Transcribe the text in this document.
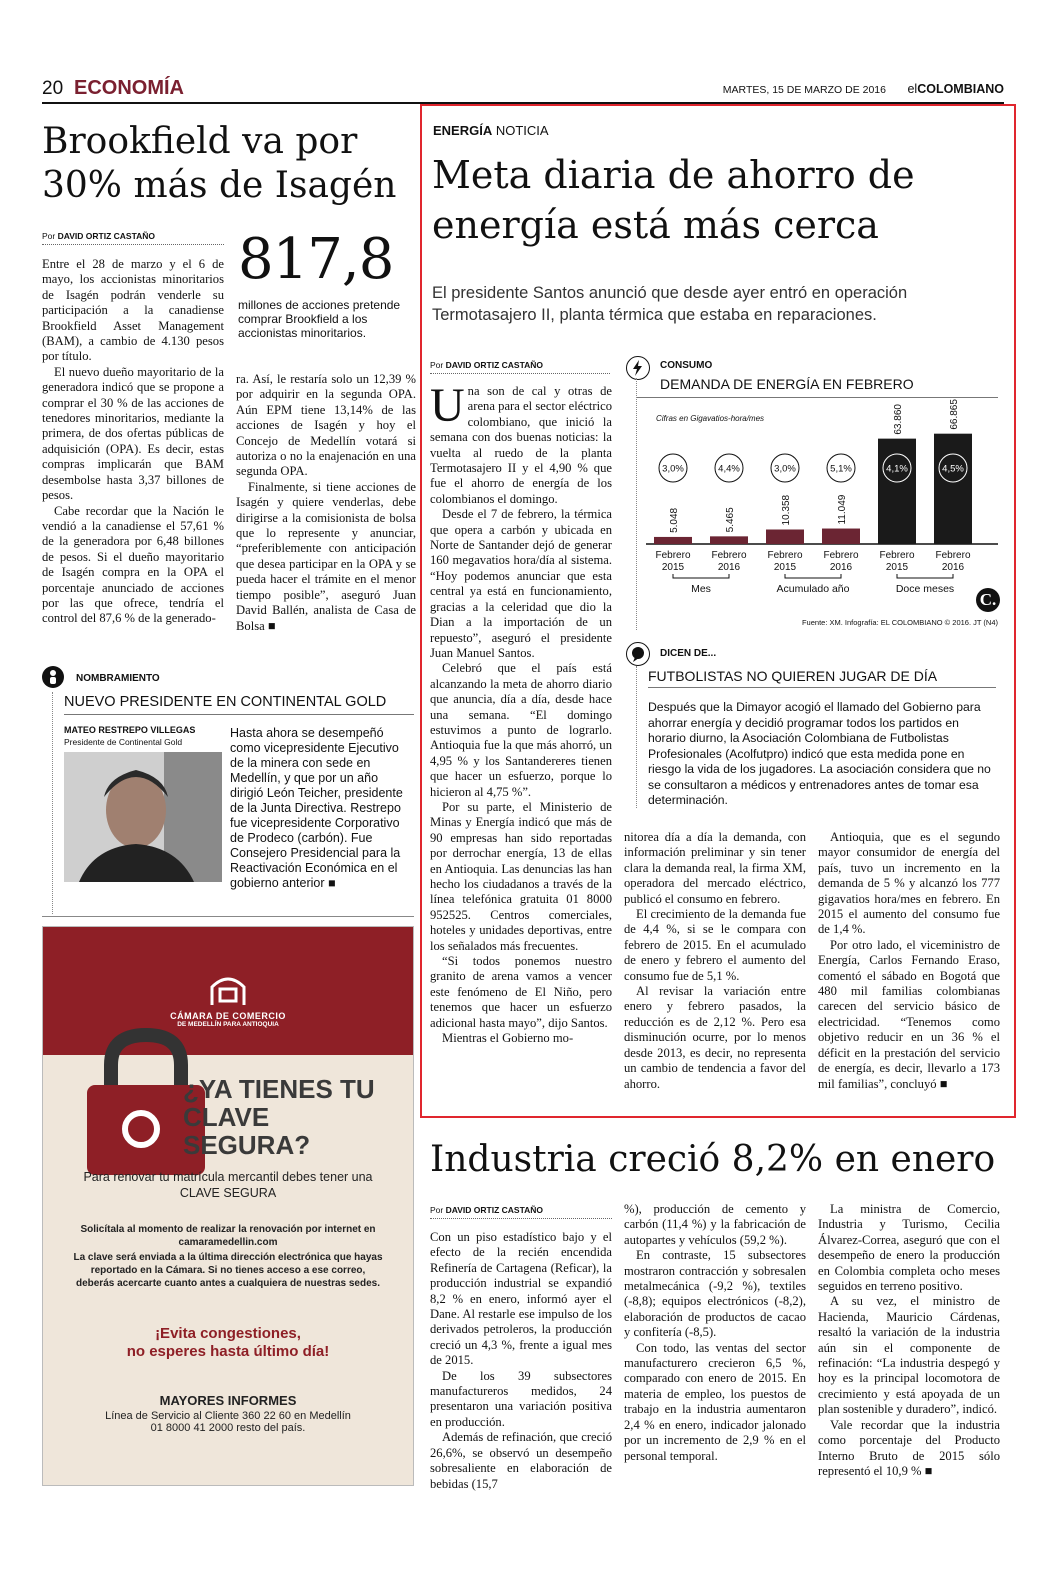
20 ECONOMÍA	MARTES, 15 DE MARZO DE 2016 elCOLOMBIANO
Brookfield va por
30% más de Isagén
Por DAVID ORTIZ CASTAÑO

Entre el 28 de marzo y el 6 de mayo, los accionistas minoritarios de Isagén podrán venderle su participación a la canadiense Brookfield Asset Management (BAM), a cambio de 4.130 pesos por título.

El nuevo dueño mayoritario de la generadora indicó que se propone a comprar el 30 % de las acciones de tenedores minoritarios, mediante la primera, de dos ofertas públicas de adquisición (OPA). Es decir, estas compras implicarán que BAM desembolse hasta 3,37 billones de pesos.

Cabe recordar que la Nación le vendió a la canadiense el 57,61 % de la generadora por 6,48 billones de pesos. Si el dueño mayoritario de Isagén compra en la OPA el porcentaje anunciado de acciones por las que ofrece, tendría el control del 87,6 % de la generado-

817,8
millones de acciones pretende comprar Brookfield a los accionistas minoritarios.

ra. Así, le restaría solo un 12,39 % por adquirir en la segunda OPA. Aún EPM tiene 13,14% de las acciones de Isagén y hoy el Concejo de Medellín votará si autoriza o no la enajenación en una segunda OPA.

Finalmente, si tiene acciones de Isagén y quiere venderlas, debe dirigirse a la comisionista de bolsa que lo represente y anunciar, “preferiblemente con anticipación que desea participar en la OPA y se pueda hacer el trámite en el menor tiempo posible”, aseguró Juan David Ballén, analista de Casa de Bolsa ■

NOMBRAMIENTO
NUEVO PRESIDENTE EN CONTINENTAL GOLD
MATEO RESTREPO VILLEGAS
Presidente de Continental Gold
Hasta ahora se desempeñó como vicepresidente Ejecutivo de la minera con sede en Medellín, y que por un año dirigió León Teicher, presidente de la Junta Directiva. Restrepo fue vicepresidente Corporativo de Prodeco (carbón). Fue Consejero Presidencial para la Reactivación Económica en el gobierno anterior ■
CÁMARA DE COMERCIO
DE MEDELLÍN PARA ANTIOQUIA
¿YA TIENES TU
CLAVE SEGURA?
Para renovar tu matrícula mercantil debes tener una
CLAVE SEGURA
Solicítala al momento de realizar la renovación por internet en camaramedellin.com
La clave será enviada a la última dirección electrónica que hayas reportado en la Cámara. Si no tienes acceso a ese correo, deberás acercarte cuanto antes a cualquiera de nuestras sedes.
¡Evita congestiones,
no esperes hasta último día!
MAYORES INFORMES
Línea de Servicio al Cliente 360 22 60 en Medellín
01 8000 41 2000 resto del país.
ENERGÍA NOTICIA
Meta diaria de ahorro de
energía está más cerca
El presidente Santos anunció que desde ayer entró en operación
Termotasajero II, planta térmica que estaba en reparaciones.
Por DAVID ORTIZ CASTAÑO

Una son de cal y otras de arena para el sector eléctrico colombiano, que inició la semana con dos buenas noticias: la vuelta al ruedo de la planta Termotasajero II y el 4,90 % que fue el ahorro de energía de los colombianos el domingo.

Desde el 7 de febrero, la térmica que opera a carbón y ubicada en Norte de Santander dejó de generar 160 megavatios hora/día al sistema. “Hoy podemos anunciar que esta central ya está en funcionamiento, gracias a la celeridad que dio la Dian a la importación de un repuesto”, aseguró el presidente Juan Manuel Santos.

Celebró que el país está alcanzando la meta de ahorro diario que anuncia, día a día, desde hace una semana. “El domingo estuvimos a punto de lograrlo. Antioquia fue la que más ahorró, un 4,95 % y los Santandereres tienen que hacer un esfuerzo, porque lo hicieron al 4,75 %”.

Por su parte, el Ministerio de Minas y Energía indicó que más de 90 empresas han sido reportadas por derrochar energía, 13 de ellas en Antioquia. Las denuncias las han hecho los ciudadanos a través de la línea telefónica gratuita 01 8000 952525. Centros comerciales, hoteles y unidades deportivas, entre los señalados más frecuentes.

“Si todos ponemos nuestro granito de arena vamos a vencer este fenómeno de El Niño, pero tenemos que hacer un esfuerzo adicional hasta mayo”, dijo Santos.

Mientras el Gobierno mo-

CONSUMO
DEMANDA DE ENERGÍA EN FEBRERO
Cifras en Gigavatios-hora/mes
5.048
3,0%
Febrero
2015
5.465
4,4%
Febrero
2016
10.358
3,0%
Febrero
2015
11.049
5,1%
Febrero
2016
63.860
4,1%
Febrero
2015
66.865
4,5%
Febrero
2016
Mes	Acumulado año	Doce meses
C.
Fuente: XM. Infografía: EL COLOMBIANO © 2016. JT (N4)
DICEN DE...
FUTBOLISTAS NO QUIEREN JUGAR DE DÍA
Después que la Dimayor acogió el llamado del Gobierno para ahorrar energía y decidió programar todos los partidos en horario diurno, la Asociación Colombiana de Futbolistas Profesionales (Acolfutpro) indicó que esta medida pone en riesgo la vida de los jugadores. La asociación considera que no se consultaron a médicos y entrenadores antes de tomar esa determinación.

nitorea día a día la demanda, con información preliminar y sin tener clara la demanda real, la firma XM, operadora del mercado eléctrico, publicó el consumo en febrero.

El crecimiento de la demanda fue de 4,4 %, si se le compara con febrero de 2015. En el acumulado de enero y febrero el aumento del consumo fue de 5,1 %.

Al revisar la variación entre enero y febrero pasados, la reducción es de 2,12 %. Pero esa disminución ocurre, por lo menos desde 2013, es decir, no representa un cambio de tendencia a favor del ahorro.

Antioquia, que es el segundo mayor consumidor de energía del país, tuvo un incremento en la demanda de 5 % y alcanzó los 777 gigavatios hora/mes en febrero. En 2015 el aumento del consumo fue de 1,4 %.

Por otro lado, el viceministro de Energía, Carlos Fernando Eraso, comentó el sábado en Bogotá que 480 mil familias colombianas carecen del servicio básico de electricidad. “Tenemos como objetivo reducir en un 36 % el déficit en la prestación del servicio de energía, es decir, llevarlo a 173 mil familias”, concluyó ■

Industria creció 8,2% en enero
Por DAVID ORTIZ CASTAÑO

Con un piso estadístico bajo y el efecto de la recién encendida Refinería de Cartagena (Reficar), la producción industrial se expandió 8,2 % en enero, informó ayer el Dane. Al restarle ese impulso de los derivados petroleros, la producción creció un 4,3 %, frente a igual mes de 2015.

De los 39 subsectores manufactureros medidos, 24 presentaron una variación positiva en producción.

Además de refinación, que creció 26,6%, se observó un desempeño sobresaliente en elaboración de bebidas (15,7

%), producción de cemento y carbón (11,4 %) y la fabricación de autopartes y vehículos (59,2 %).

En contraste, 15 subsectores mostraron contracción y sobresalen metalmecánica (-9,2 %), textiles (-8,8); equipos electrónicos (-8,2), elaboración de productos de cacao y confitería (-8,5).

Con todo, las ventas del sector manufacturero crecieron 6,5 %, comparado con enero de 2015. En materia de empleo, los puestos de trabajo en la industria aumentaron 2,4 % en enero, indicador jalonado por un incremento de 2,9 % en el personal temporal.

La ministra de Comercio, Industria y Turismo, Cecilia Álvarez-Correa, aseguró que con el desempeño de enero la producción en Colombia completa ocho meses seguidos en terreno positivo.

A su vez, el ministro de Hacienda, Mauricio Cárdenas, resaltó la variación de la industria aún sin el componente de refinación: “La industria despegó y hoy es la principal locomotora de crecimiento y está apoyada de un plan sostenible y duradero”, indicó.

Vale recordar que la industria como porcentaje del Producto Interno Bruto de 2015 sólo representó el 10,9 % ■
